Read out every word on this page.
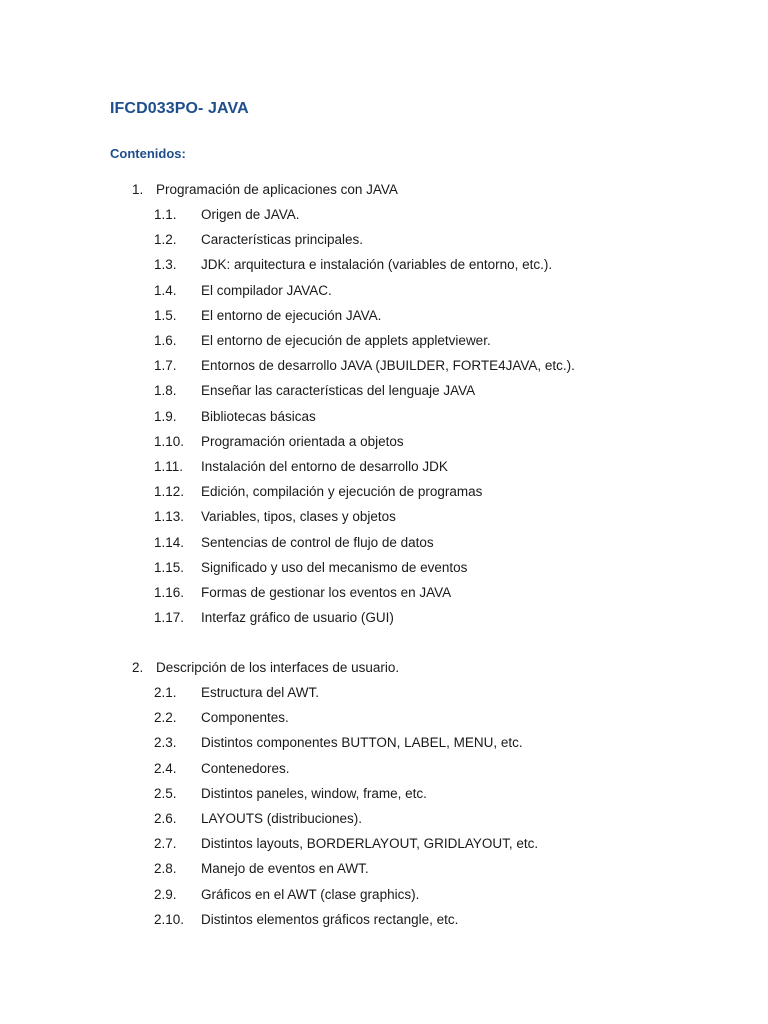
IFCD033PO- JAVA
Contenidos:
1. Programación de aplicaciones con JAVA
1.1. Origen de JAVA.
1.2. Características principales.
1.3. JDK: arquitectura e instalación (variables de entorno, etc.).
1.4. El compilador JAVAC.
1.5. El entorno de ejecución JAVA.
1.6. El entorno de ejecución de applets appletviewer.
1.7. Entornos de desarrollo JAVA (JBUILDER, FORTE4JAVA, etc.).
1.8. Enseñar las características del lenguaje JAVA
1.9. Bibliotecas básicas
1.10. Programación orientada a objetos
1.11. Instalación del entorno de desarrollo JDK
1.12. Edición, compilación y ejecución de programas
1.13. Variables, tipos, clases y objetos
1.14. Sentencias de control de flujo de datos
1.15. Significado y uso del mecanismo de eventos
1.16. Formas de gestionar los eventos en JAVA
1.17. Interfaz gráfico de usuario (GUI)
2. Descripción de los interfaces de usuario.
2.1. Estructura del AWT.
2.2. Componentes.
2.3. Distintos componentes BUTTON, LABEL, MENU, etc.
2.4. Contenedores.
2.5. Distintos paneles, window, frame, etc.
2.6. LAYOUTS (distribuciones).
2.7. Distintos layouts, BORDERLAYOUT, GRIDLAYOUT, etc.
2.8. Manejo de eventos en AWT.
2.9. Gráficos en el AWT (clase graphics).
2.10. Distintos elementos gráficos rectangle, etc.
